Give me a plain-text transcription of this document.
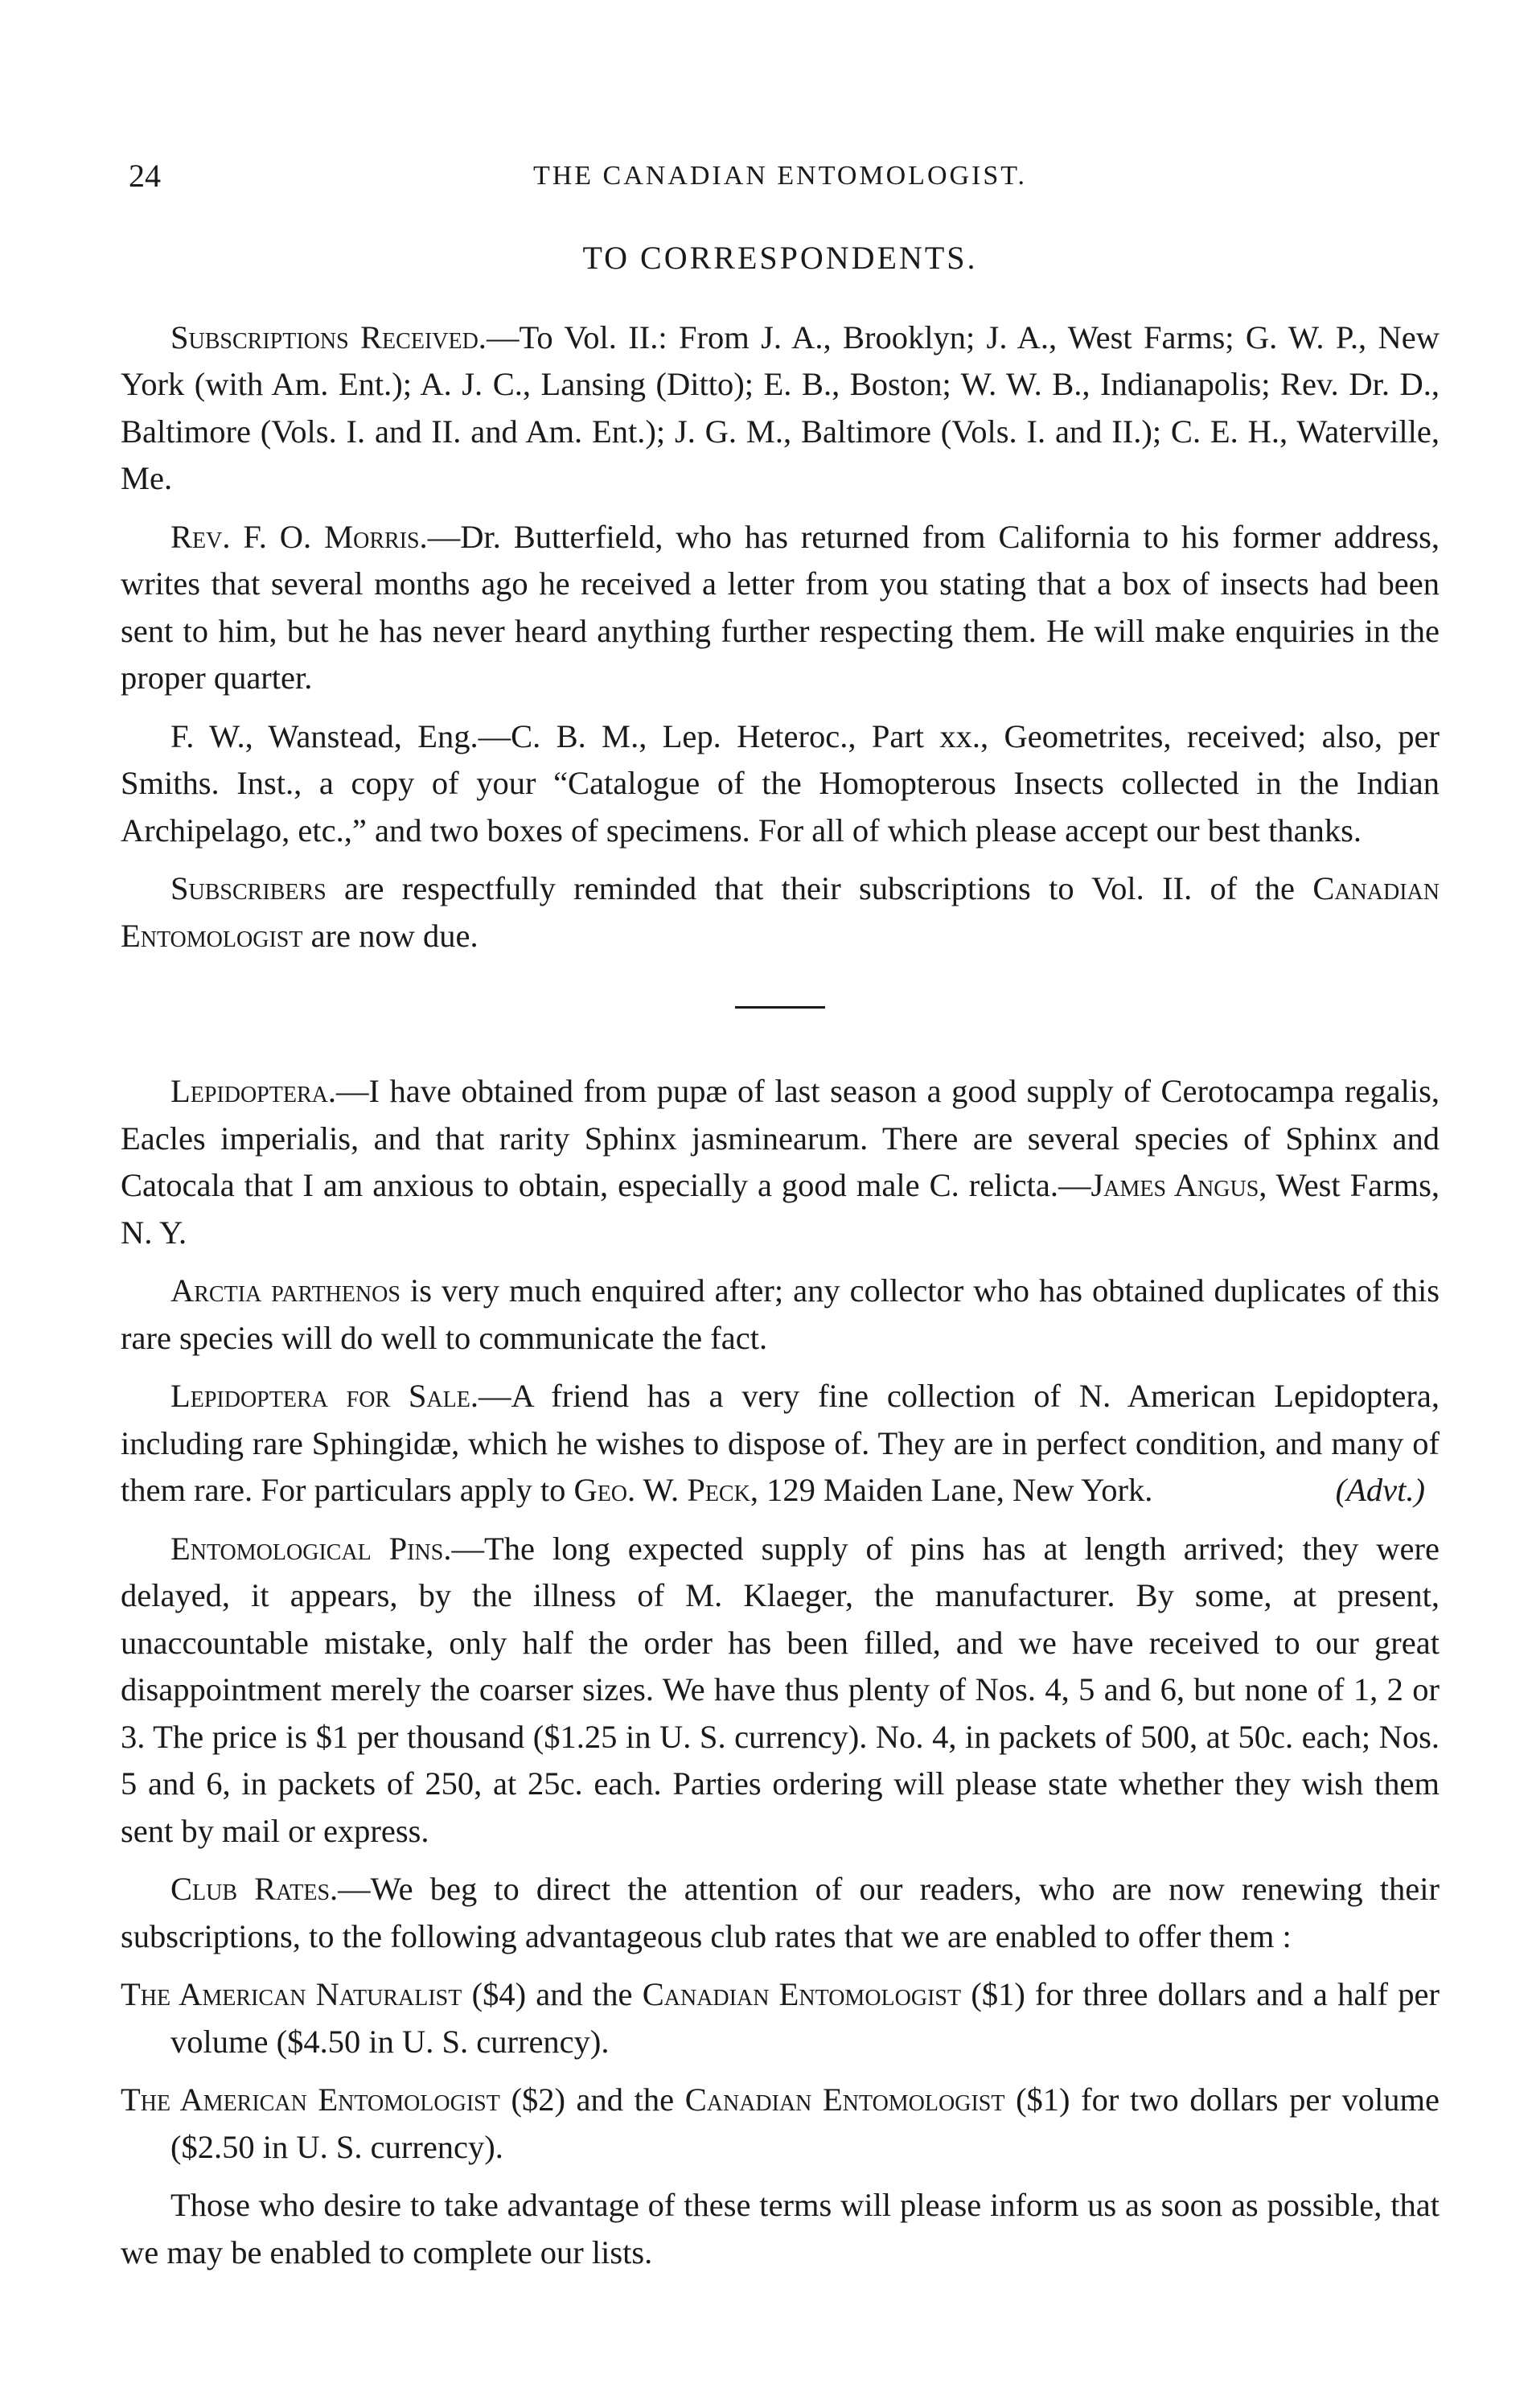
24	THE CANADIAN ENTOMOLOGIST.
TO CORRESPONDENTS.

Subscriptions Received.—To Vol. II.: From J. A., Brooklyn; J. A., West Farms; G. W. P., New York (with Am. Ent.); A. J. C., Lansing (Ditto); E. B., Boston; W. W. B., Indianapolis; Rev. Dr. D., Baltimore (Vols. I. and II. and Am. Ent.); J. G. M., Baltimore (Vols. I. and II.); C. E. H., Waterville, Me.

Rev. F. O. Morris.—Dr. Butterfield, who has returned from California to his former address, writes that several months ago he received a letter from you stating that a box of insects had been sent to him, but he has never heard anything further respecting them. He will make enquiries in the proper quarter.

F. W., Wanstead, Eng.—C. B. M., Lep. Heteroc., Part xx., Geometrites, received; also, per Smiths. Inst., a copy of your “Catalogue of the Homopterous Insects collected in the Indian Archipelago, etc.,” and two boxes of specimens. For all of which please accept our best thanks.

Subscribers are respectfully reminded that their subscriptions to Vol. II. of the Canadian Entomologist are now due.

Lepidoptera.—I have obtained from pupæ of last season a good supply of Cerotocampa regalis, Eacles imperialis, and that rarity Sphinx jasminearum. There are several species of Sphinx and Catocala that I am anxious to obtain, especially a good male C. relicta.—James Angus, West Farms, N. Y.

Arctia parthenos is very much enquired after; any collector who has obtained duplicates of this rare species will do well to communicate the fact.

Lepidoptera for Sale.—A friend has a very fine collection of N. American Lepidoptera, including rare Sphingidæ, which he wishes to dispose of. They are in perfect condition, and many of them rare. For particulars apply to Geo. W. Peck, 129 Maiden Lane, New York.	(Advt.)

Entomological Pins.—The long expected supply of pins has at length arrived; they were delayed, it appears, by the illness of M. Klaeger, the manufacturer. By some, at present, unaccountable mistake, only half the order has been filled, and we have received to our great disappointment merely the coarser sizes. We have thus plenty of Nos. 4, 5 and 6, but none of 1, 2 or 3. The price is $1 per thousand ($1.25 in U. S. currency). No. 4, in packets of 500, at 50c. each; Nos. 5 and 6, in packets of 250, at 25c. each. Parties ordering will please state whether they wish them sent by mail or express.

Club Rates.—We beg to direct the attention of our readers, who are now renewing their subscriptions, to the following advantageous club rates that we are enabled to offer them :

The American Naturalist ($4) and the Canadian Entomologist ($1) for three dollars and a half per volume ($4.50 in U. S. currency).

The American Entomologist ($2) and the Canadian Entomologist ($1) for two dollars per volume ($2.50 in U. S. currency).

Those who desire to take advantage of these terms will please inform us as soon as possible, that we may be enabled to complete our lists.
